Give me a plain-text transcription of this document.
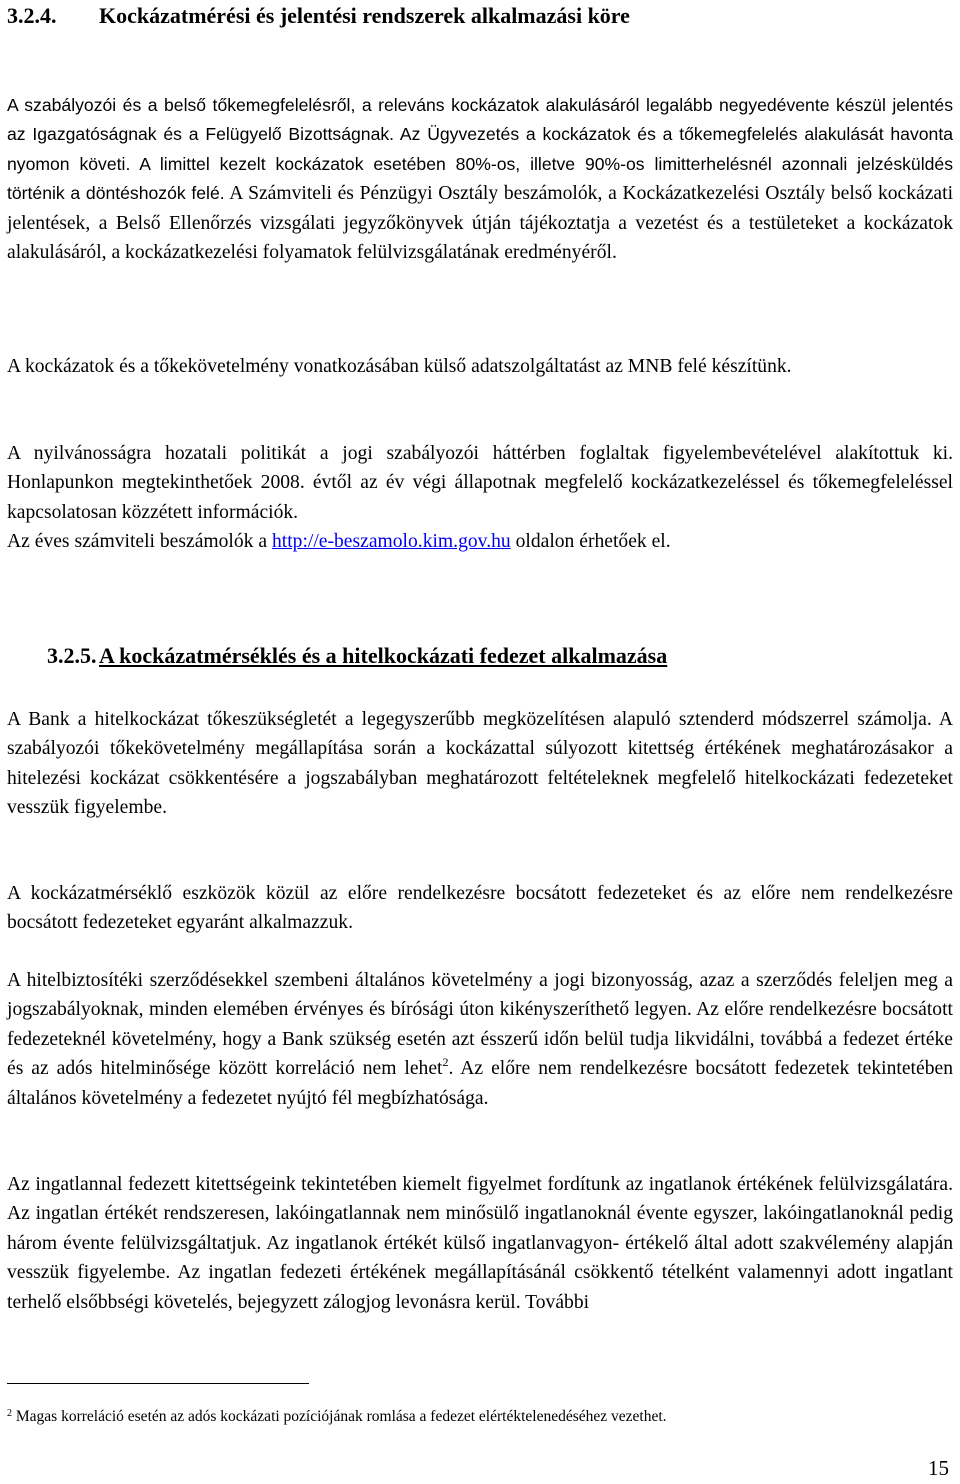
3.2.4. Kockázatmérési és jelentési rendszerek alkalmazási köre

A szabályozói és a belső tőkemegfelelésről, a releváns kockázatok alakulásáról legalább negyedévente készül jelentés az Igazgatóságnak és a Felügyelő Bizottságnak. Az Ügyvezetés a kockázatok és a tőkemegfelelés alakulását havonta nyomon követi. A limittel kezelt kockázatok esetében 80%-os, illetve 90%-os limitterhelésnél azonnali jelzésküldés történik a döntéshozók felé. A Számviteli és Pénzügyi Osztály beszámolók, a Kockázatkezelési Osztály belső kockázati jelentések, a Belső Ellenőrzés vizsgálati jegyzőkönyvek útján tájékoztatja a vezetést és a testületeket a kockázatok alakulásáról, a kockázatkezelési folyamatok felülvizsgálatának eredményéről.

A kockázatok és a tőkekövetelmény vonatkozásában külső adatszolgáltatást az MNB felé készítünk.

A nyilvánosságra hozatali politikát a jogi szabályozói háttérben foglaltak figyelembevételével alakítottuk ki. Honlapunkon megtekinthetőek 2008. évtől az év végi állapotnak megfelelő kockázatkezeléssel és tőkemegfeleléssel kapcsolatosan közzétett információk.
Az éves számviteli beszámolók a http://e-beszamolo.kim.gov.hu oldalon érhetőek el.

3.2.5. A kockázatmérséklés és a hitelkockázati fedezet alkalmazása

A Bank a hitelkockázat tőkeszükségletét a legegyszerűbb megközelítésen alapuló sztenderd módszerrel számolja. A szabályozói tőkekövetelmény megállapítása során a kockázattal súlyozott kitettség értékének meghatározásakor a hitelezési kockázat csökkentésére a jogszabályban meghatározott feltételeknek megfelelő hitelkockázati fedezeteket vesszük figyelembe.

A kockázatmérséklő eszközök közül az előre rendelkezésre bocsátott fedezeteket és az előre nem rendelkezésre bocsátott fedezeteket egyaránt alkalmazzuk.

A hitelbiztosítéki szerződésekkel szembeni általános követelmény a jogi bizonyosság, azaz a szerződés feleljen meg a jogszabályoknak, minden elemében érvényes és bírósági úton kikényszeríthető legyen. Az előre rendelkezésre bocsátott fedezeteknél követelmény, hogy a Bank szükség esetén azt ésszerű időn belül tudja likvidálni, továbbá a fedezet értéke és az adós hitelminősége között korreláció nem lehet$^2$. Az előre nem rendelkezésre bocsátott fedezetek tekintetében általános követelmény a fedezetet nyújtó fél megbízhatósága.

Az ingatlannal fedezett kitettségeink tekintetében kiemelt figyelmet fordítunk az ingatlanok értékének felülvizsgálatára. Az ingatlan értékét rendszeresen, lakóingatlannak nem minősülő ingatlanoknál évente egyszer, lakóingatlanoknál pedig három évente felülvizsgáltatjuk. Az ingatlanok értékét külső ingatlanvagyon- értékelő által adott szakvélemény alapján vesszük figyelembe. Az ingatlan fedezeti értékének megállapításánál csökkentő tételként valamennyi adott ingatlant terhelő elsőbbségi követelés, bejegyzett zálogjog levonásra kerül. További

$^2$ Magas korreláció esetén az adós kockázati pozíciójának romlása a fedezet elértéktelenedéséhez vezethet.
15
